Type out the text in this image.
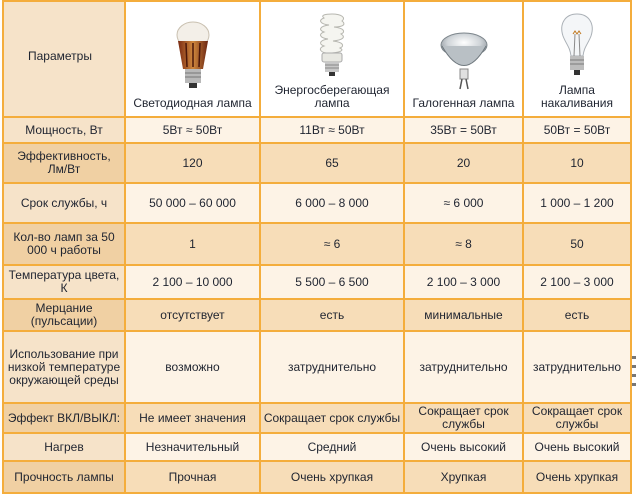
Параметры	Светодиодная лампа	Энергосберегающая лампа	Галогенная лампа	Лампа накаливания

Мощность, Вт	5Вт ≈ 50Вт	11Вт ≈ 50Вт	35Вт = 50Вт	50Вт = 50Вт
Эффективность, Лм/Вт	120	65	20	10
Срок службы, ч	50 000 – 60 000	6 000 – 8 000	≈ 6 000	1 000 – 1 200
Кол-во ламп за 50 000 ч работы	1	≈ 6	≈ 8	50
Температура цвета, К	2 100 – 10 000	5 500 – 6 500	2 100 – 3 000	2 100 – 3 000
Мерцание (пульсации)	отсутствует	есть	минимальные	есть
Использование при низкой температуре окружающей среды	возможно	затруднительно	затруднительно	затруднительно
Эффект ВКЛ/ВЫКЛ:	Не имеет значения	Сокращает срок службы	Сокращает срок службы	Сокращает срок службы
Нагрев	Незначительный	Средний	Очень высокий	Очень высокий
Прочность лампы	Прочная	Очень хрупкая	Хрупкая	Очень хрупкая
